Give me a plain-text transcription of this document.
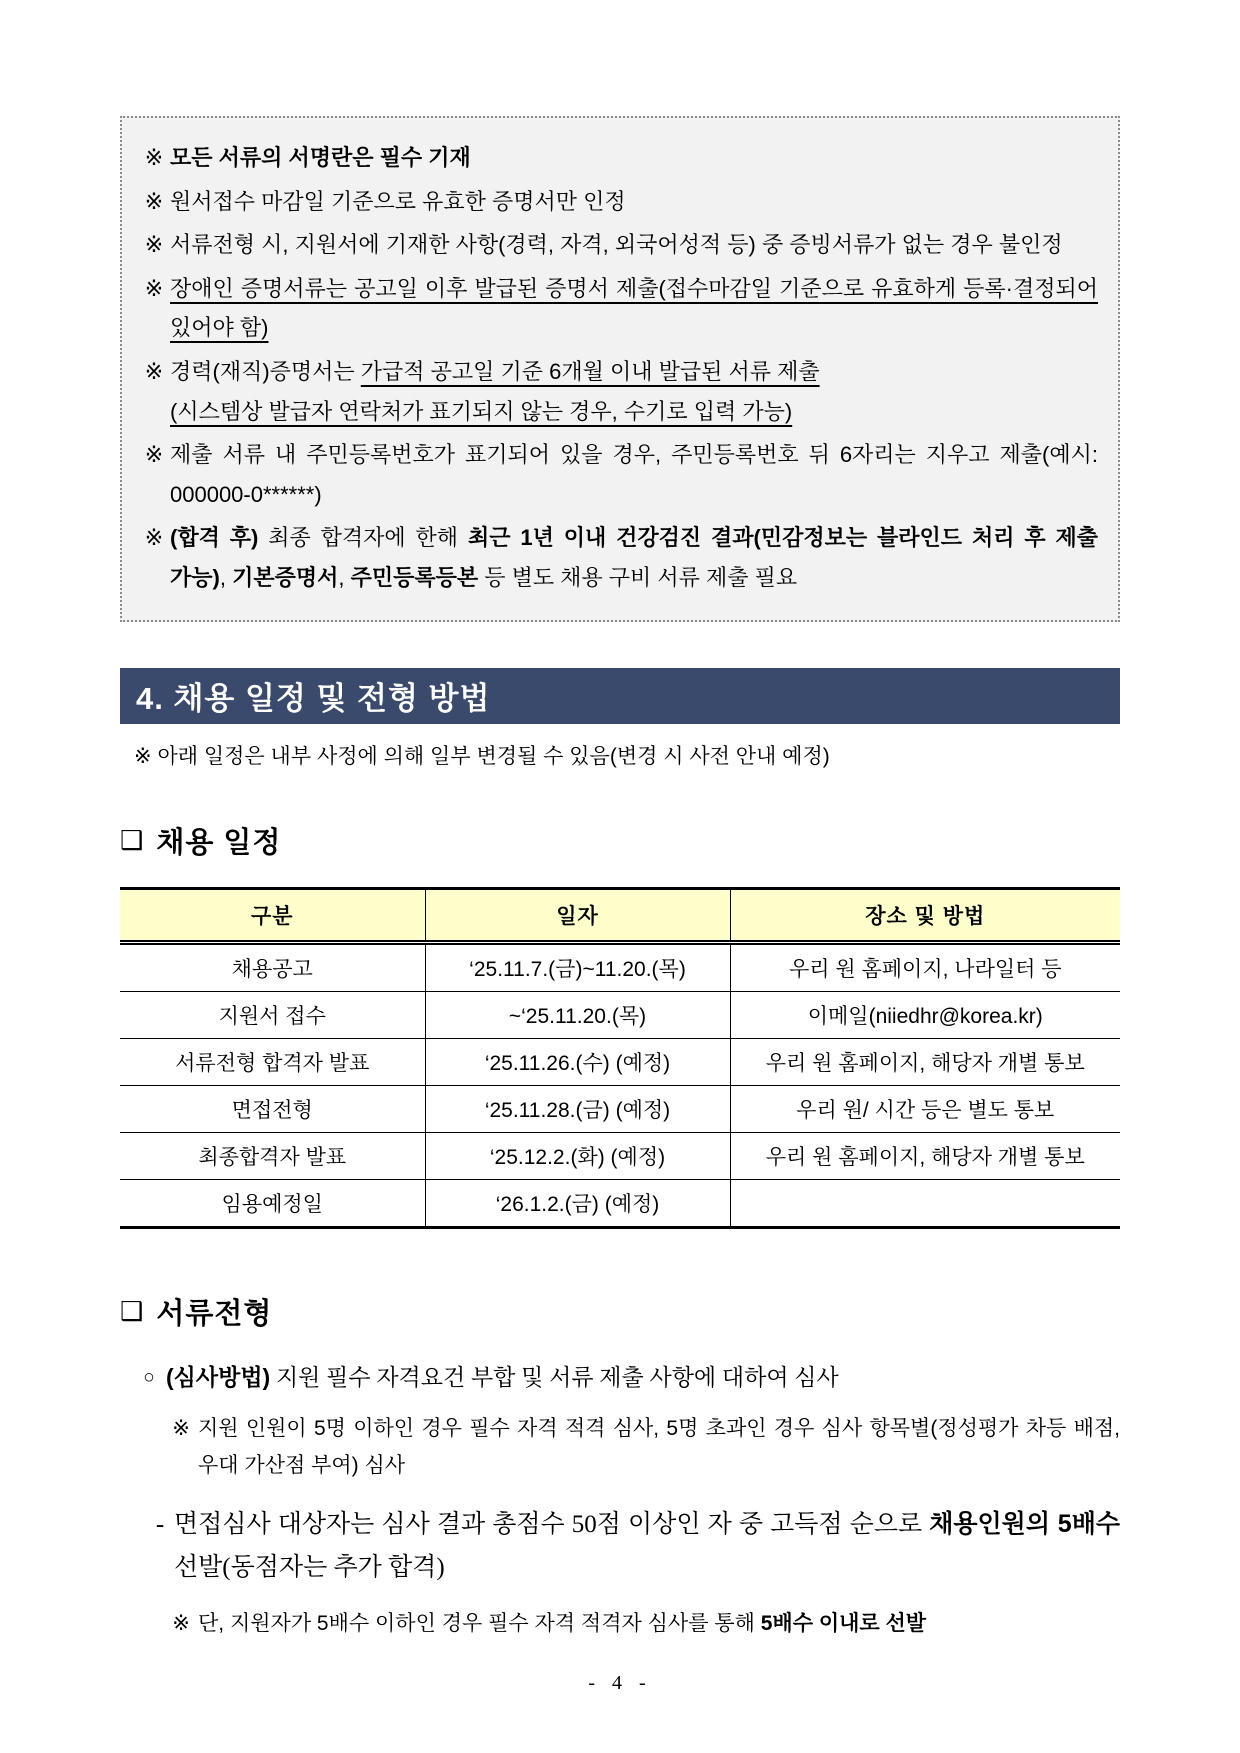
※ 모든 서류의 서명란은 필수 기재
※ 원서접수 마감일 기준으로 유효한 증명서만 인정
※ 서류전형 시, 지원서에 기재한 사항(경력, 자격, 외국어성적 등) 중 증빙서류가 없는 경우 불인정
※ 장애인 증명서류는 공고일 이후 발급된 증명서 제출(접수마감일 기준으로 유효하게 등록·결정되어 있어야 함)
※ 경력(재직)증명서는 가급적 공고일 기준 6개월 이내 발급된 서류 제출
(시스템상 발급자 연락처가 표기되지 않는 경우, 수기로 입력 가능)
※ 제출 서류 내 주민등록번호가 표기되어 있을 경우, 주민등록번호 뒤 6자리는 지우고 제출(예시: 000000-0******)
※ (합격 후) 최종 합격자에 한해 최근 1년 이내 건강검진 결과(민감정보는 블라인드 처리 후 제출 가능), 기본증명서, 주민등록등본 등 별도 채용 구비 서류 제출 필요
4. 채용 일정 및 전형 방법
※ 아래 일정은 내부 사정에 의해 일부 변경될 수 있음(변경 시 사전 안내 예정)
❑ 채용 일정
구분	일자	장소 및 방법
채용공고	‘25.11.7.(금)~11.20.(목)	우리 원 홈페이지, 나라일터 등
지원서 접수	~‘25.11.20.(목)	이메일(niiedhr@korea.kr)
서류전형 합격자 발표	‘25.11.26.(수) (예정)	우리 원 홈페이지, 해당자 개별 통보
면접전형	‘25.11.28.(금) (예정)	우리 원/ 시간 등은 별도 통보
최종합격자 발표	‘25.12.2.(화) (예정)	우리 원 홈페이지, 해당자 개별 통보
임용예정일	‘26.1.2.(금) (예정)	
❑ 서류전형
○ (심사방법) 지원 필수 자격요건 부합 및 서류 제출 사항에 대하여 심사
※ 지원 인원이 5명 이하인 경우 필수 자격 적격 심사, 5명 초과인 경우 심사 항목별(정성평가 차등 배점, 우대 가산점 부여) 심사
- 면접심사 대상자는 심사 결과 총점수 50점 이상인 자 중 고득점 순으로 채용인원의 5배수 선발(동점자는 추가 합격)
※ 단, 지원자가 5배수 이하인 경우 필수 자격 적격자 심사를 통해 5배수 이내로 선발
- 4 -
